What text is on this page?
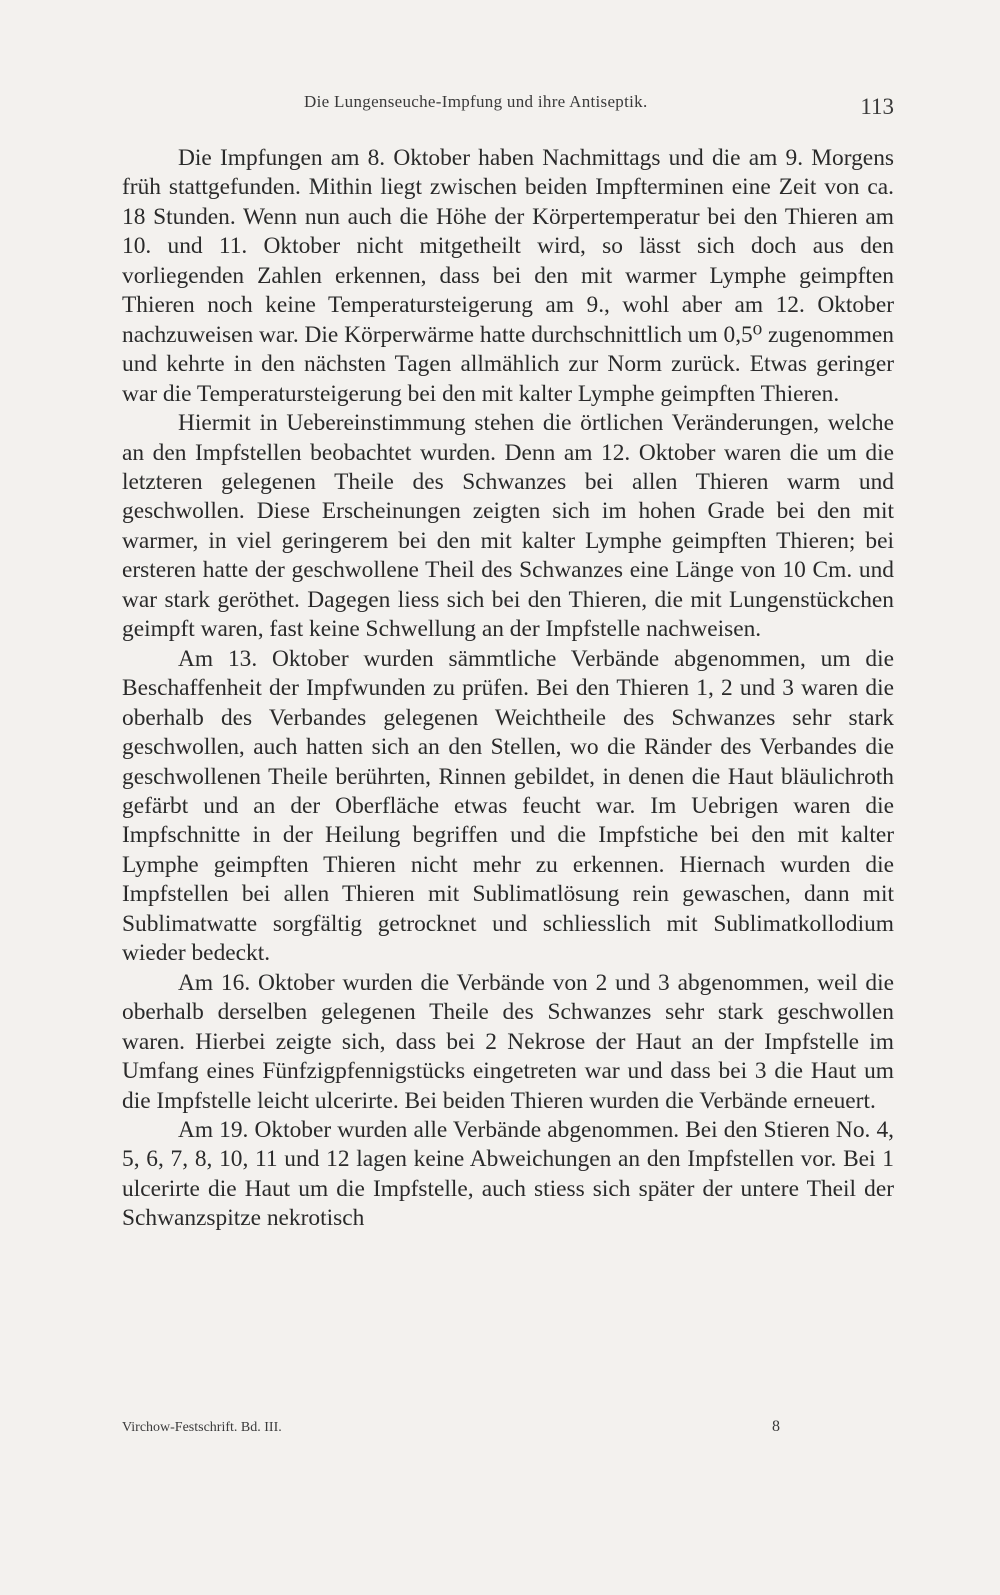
Die Lungenseuche-Impfung und ihre Antiseptik.	113

Die Impfungen am 8. Oktober haben Nachmittags und die am 9. Morgens früh stattgefunden. Mithin liegt zwischen beiden Impfterminen eine Zeit von ca. 18 Stunden. Wenn nun auch die Höhe der Körpertemperatur bei den Thieren am 10. und 11. Oktober nicht mitgetheilt wird, so lässt sich doch aus den vorliegenden Zahlen erkennen, dass bei den mit warmer Lymphe geimpften Thieren noch keine Temperatursteigerung am 9., wohl aber am 12. Oktober nachzuweisen war. Die Körperwärme hatte durchschnittlich um 0,5⁰ zugenommen und kehrte in den nächsten Tagen allmählich zur Norm zurück. Etwas geringer war die Temperatursteigerung bei den mit kalter Lymphe geimpften Thieren.

Hiermit in Uebereinstimmung stehen die örtlichen Veränderungen, welche an den Impfstellen beobachtet wurden. Denn am 12. Oktober waren die um die letzteren gelegenen Theile des Schwanzes bei allen Thieren warm und geschwollen. Diese Erscheinungen zeigten sich im hohen Grade bei den mit warmer, in viel geringerem bei den mit kalter Lymphe geimpften Thieren; bei ersteren hatte der geschwollene Theil des Schwanzes eine Länge von 10 Cm. und war stark geröthet. Dagegen liess sich bei den Thieren, die mit Lungenstückchen geimpft waren, fast keine Schwellung an der Impfstelle nachweisen.

Am 13. Oktober wurden sämmtliche Verbände abgenommen, um die Beschaffenheit der Impfwunden zu prüfen. Bei den Thieren 1, 2 und 3 waren die oberhalb des Verbandes gelegenen Weichtheile des Schwanzes sehr stark geschwollen, auch hatten sich an den Stellen, wo die Ränder des Verbandes die geschwollenen Theile berührten, Rinnen gebildet, in denen die Haut bläulichroth gefärbt und an der Oberfläche etwas feucht war. Im Uebrigen waren die Impfschnitte in der Heilung begriffen und die Impfstiche bei den mit kalter Lymphe geimpften Thieren nicht mehr zu erkennen. Hiernach wurden die Impfstellen bei allen Thieren mit Sublimatlösung rein gewaschen, dann mit Sublimatwatte sorgfältig getrocknet und schliesslich mit Sublimatkollodium wieder bedeckt.

Am 16. Oktober wurden die Verbände von 2 und 3 abgenommen, weil die oberhalb derselben gelegenen Theile des Schwanzes sehr stark geschwollen waren. Hierbei zeigte sich, dass bei 2 Nekrose der Haut an der Impfstelle im Umfang eines Fünfzigpfennigstücks eingetreten war und dass bei 3 die Haut um die Impfstelle leicht ulcerirte. Bei beiden Thieren wurden die Verbände erneuert.

Am 19. Oktober wurden alle Verbände abgenommen. Bei den Stieren No. 4, 5, 6, 7, 8, 10, 11 und 12 lagen keine Abweichungen an den Impfstellen vor. Bei 1 ulcerirte die Haut um die Impfstelle, auch stiess sich später der untere Theil der Schwanzspitze nekrotisch

Virchow-Festschrift. Bd. III.	8
